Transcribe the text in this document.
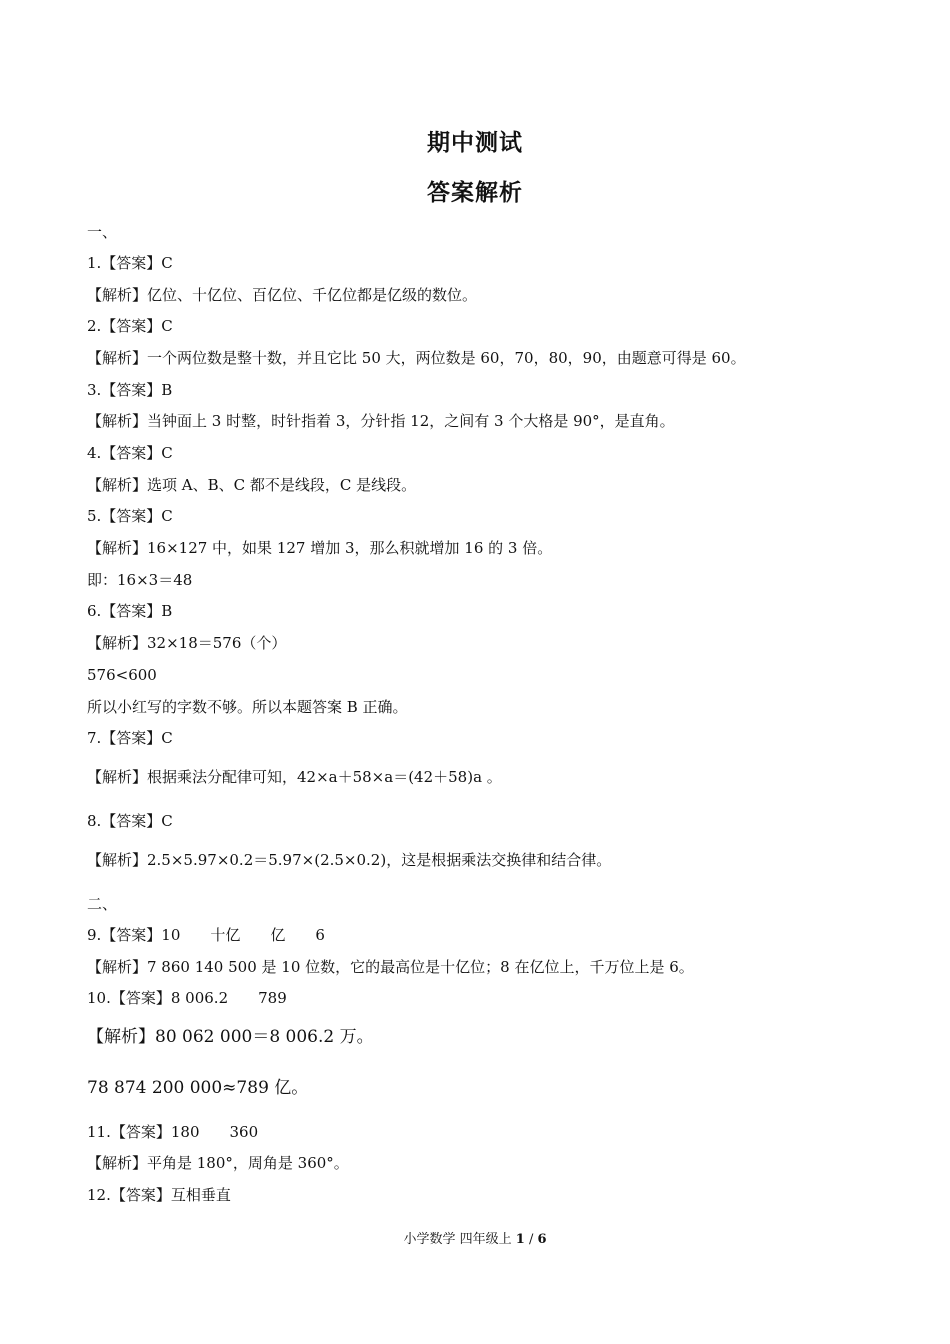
期中测试
答案解析

一、

1.【答案】C

【解析】亿位、十亿位、百亿位、千亿位都是亿级的数位。

2.【答案】C

【解析】一个两位数是整十数，并且它比 50 大，两位数是 60，70，80，90，由题意可得是 60。

3.【答案】B

【解析】当钟面上 3 时整，时针指着 3，分针指 12，之间有 3 个大格是 90°，是直角。

4.【答案】C

【解析】选项 A、B、C 都不是线段，C 是线段。

5.【答案】C

【解析】16×127 中，如果 127 增加 3，那么积就增加 16 的 3 倍。

即：16×3＝48

6.【答案】B

【解析】32×18＝576（个）

576<600

所以小红写的字数不够。所以本题答案 B 正确。

7.【答案】C

【解析】根据乘法分配律可知，42×a＋58×a＝(42＋58)a 。

8.【答案】C

【解析】2.5×5.97×0.2＝5.97×(2.5×0.2)，这是根据乘法交换律和结合律。

二、

9.【答案】10　　十亿　　亿　　6

【解析】7 860 140 500 是 10 位数，它的最高位是十亿位；8 在亿位上，千万位上是 6。

10.【答案】8 006.2　　789

【解析】80 062 000＝8 006.2 万。

78 874 200 000≈789 亿。

11.【答案】180　　360

【解析】平角是 180°，周角是 360°。

12.【答案】互相垂直

小学数学 四年级上 1 / 6
